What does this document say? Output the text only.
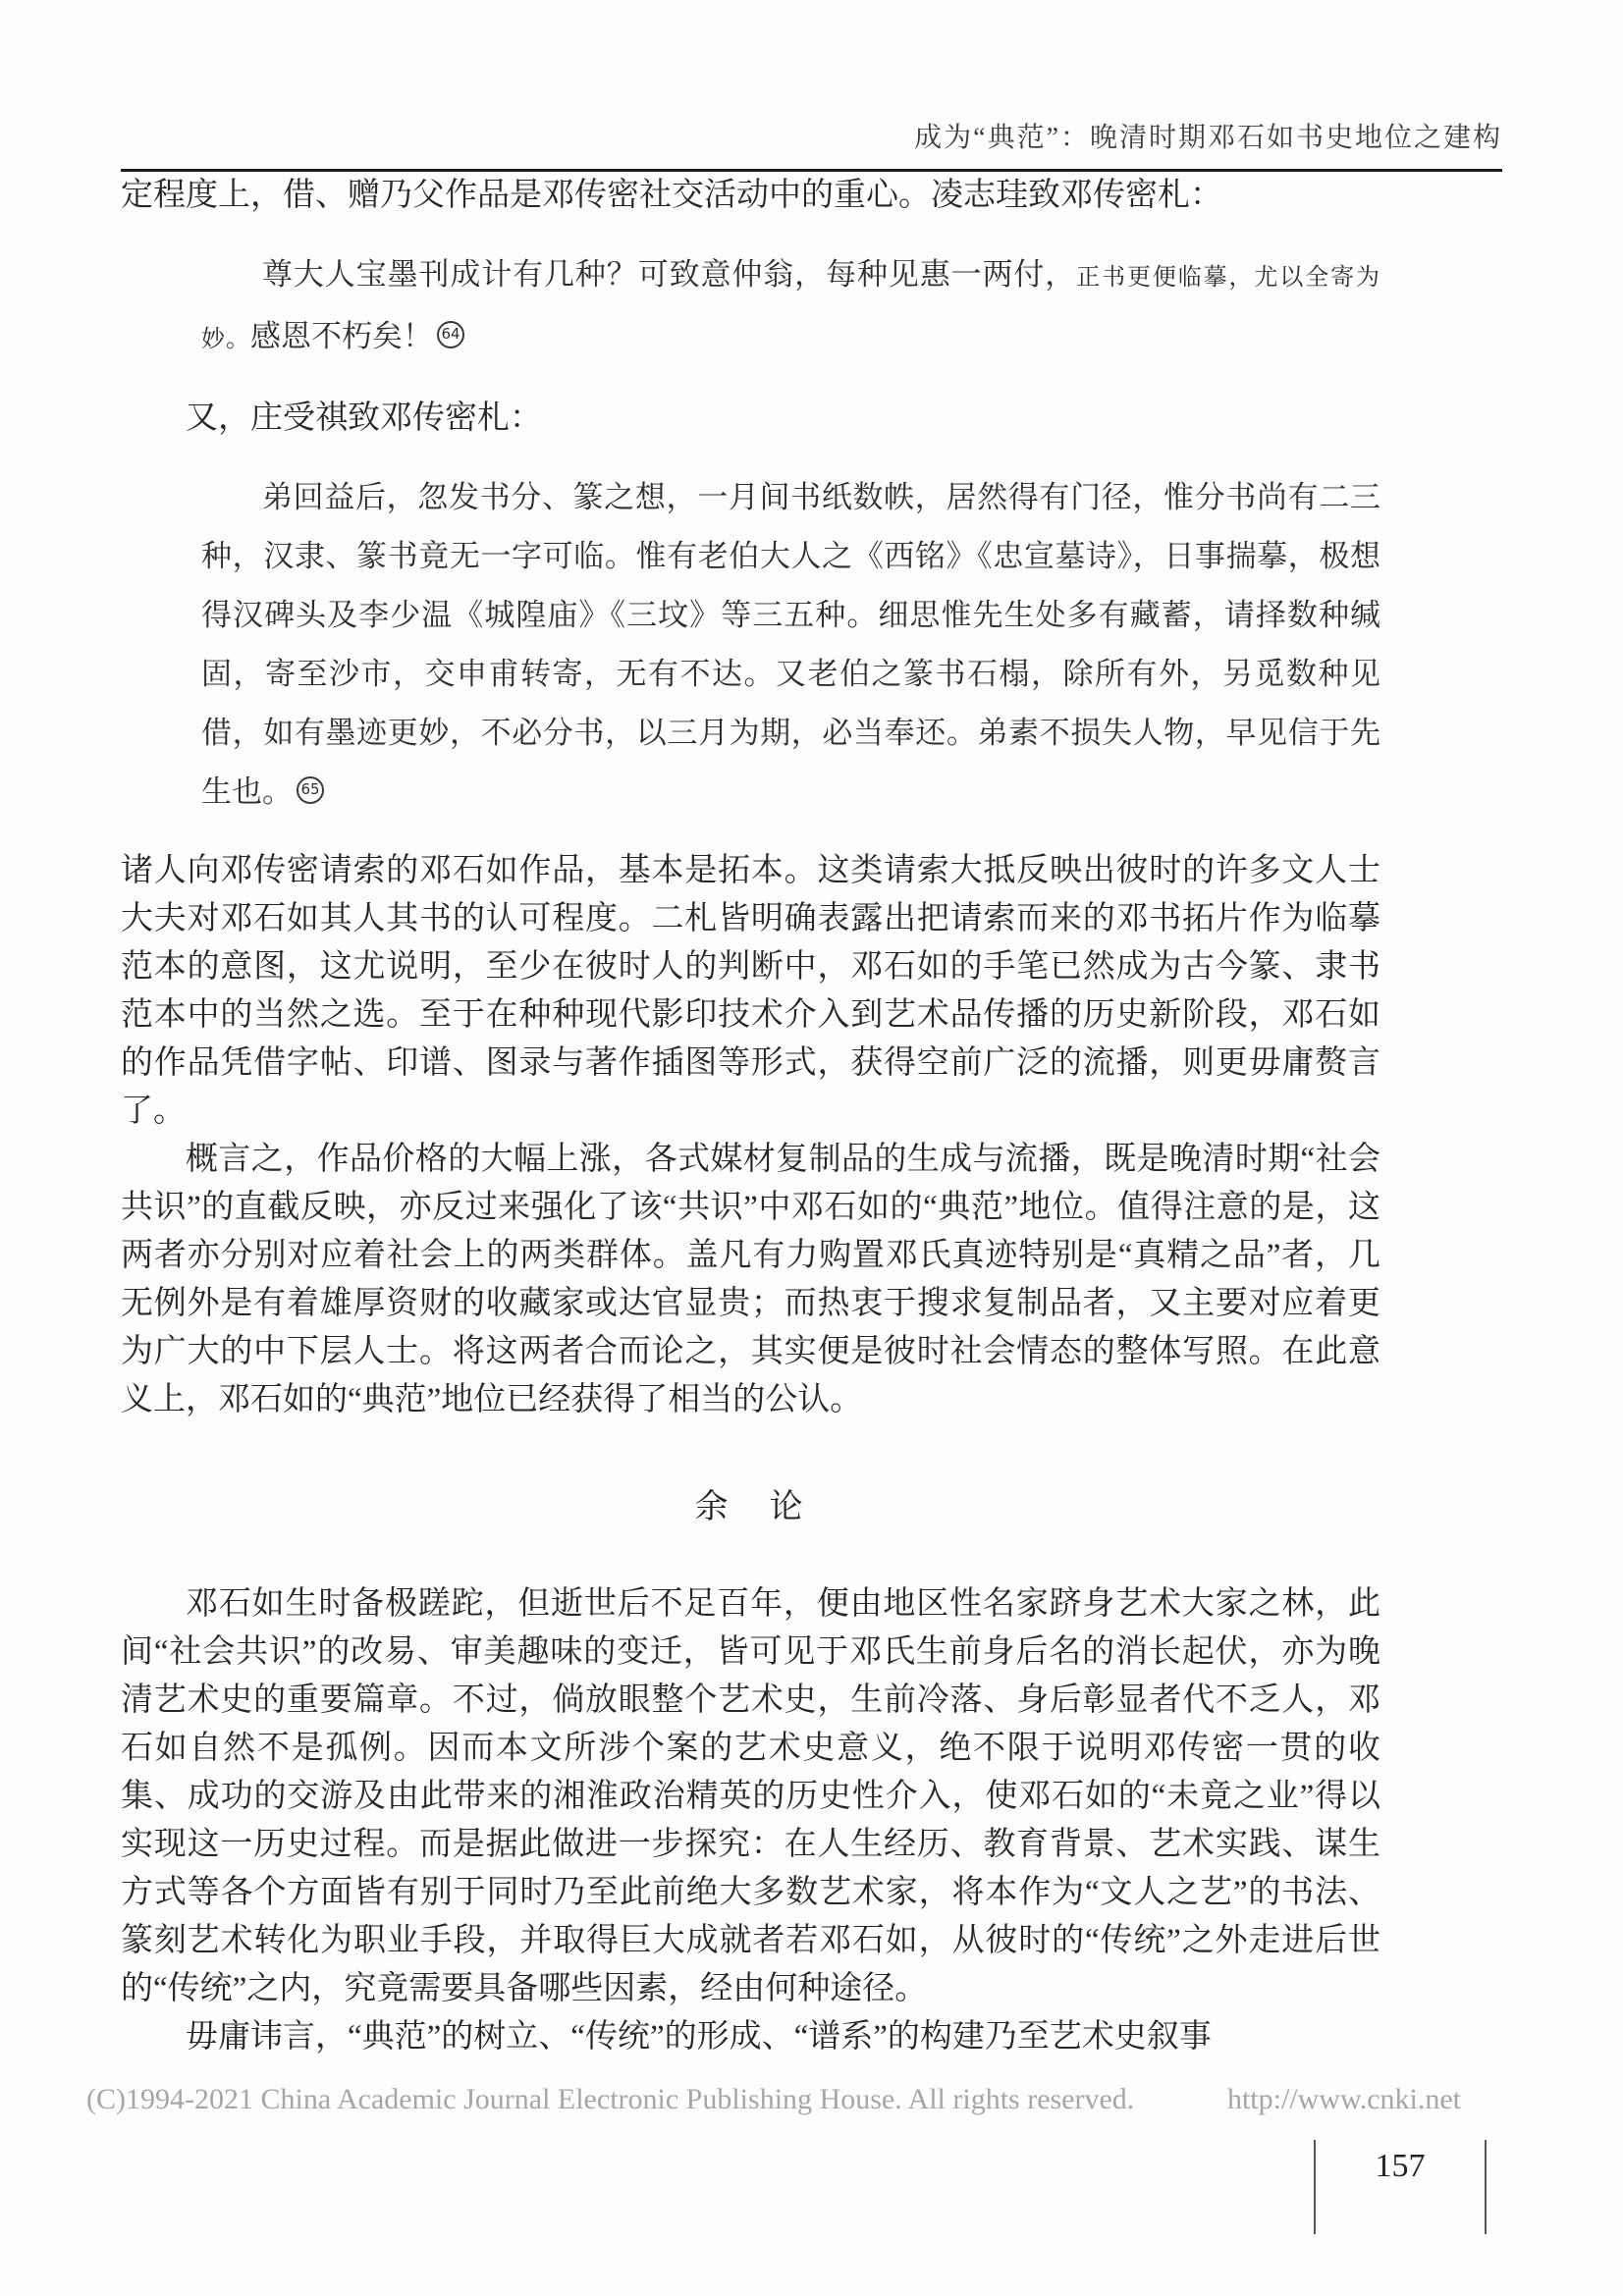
成为“典范”：晚清时期邓石如书史地位之建构

定程度上，借、赠乃父作品是邓传密社交活动中的重心。凌志珪致邓传密札：

尊大人宝墨刊成计有几种？可致意仲翁，每种见惠一两付，正书更便临摹，尤以全寄为妙。感恩不朽矣！ 64

又，庄受祺致邓传密札：

弟回益后，忽发书分、篆之想，一月间书纸数帙，居然得有门径，惟分书尚有二三种，汉隶、篆书竟无一字可临。惟有老伯大人之《西铭》《忠宣墓诗》，日事揣摹，极想得汉碑头及李少温《城隍庙》《三坟》等三五种。细思惟先生处多有藏蓄，请择数种缄固，寄至沙市，交申甫转寄，无有不达。又老伯之篆书石榻，除所有外，另觅数种见借，如有墨迹更妙，不必分书，以三月为期，必当奉还。弟素不损失人物，早见信于先生也。 65

诸人向邓传密请索的邓石如作品，基本是拓本。这类请索大抵反映出彼时的许多文人士大夫对邓石如其人其书的认可程度。二札皆明确表露出把请索而来的邓书拓片作为临摹范本的意图，这尤说明，至少在彼时人的判断中，邓石如的手笔已然成为古今篆、隶书范本中的当然之选。至于在种种现代影印技术介入到艺术品传播的历史新阶段，邓石如的作品凭借字帖、印谱、图录与著作插图等形式，获得空前广泛的流播，则更毋庸赘言了。

概言之，作品价格的大幅上涨，各式媒材复制品的生成与流播，既是晚清时期“社会共识”的直截反映，亦反过来强化了该“共识”中邓石如的“典范”地位。值得注意的是，这两者亦分别对应着社会上的两类群体。盖凡有力购置邓氏真迹特别是“真精之品”者，几无例外是有着雄厚资财的收藏家或达官显贵；而热衷于搜求复制品者，又主要对应着更为广大的中下层人士。将这两者合而论之，其实便是彼时社会情态的整体写照。在此意义上，邓石如的“典范”地位已经获得了相当的公认。

余　论

邓石如生时备极蹉跎，但逝世后不足百年，便由地区性名家跻身艺术大家之林，此间“社会共识”的改易、审美趣味的变迁，皆可见于邓氏生前身后名的消长起伏，亦为晚清艺术史的重要篇章。不过，倘放眼整个艺术史，生前冷落、身后彰显者代不乏人，邓石如自然不是孤例。因而本文所涉个案的艺术史意义，绝不限于说明邓传密一贯的收集、成功的交游及由此带来的湘淮政治精英的历史性介入，使邓石如的“未竟之业”得以实现这一历史过程。而是据此做进一步探究：在人生经历、教育背景、艺术实践、谋生方式等各个方面皆有别于同时乃至此前绝大多数艺术家，将本作为“文人之艺”的书法、篆刻艺术转化为职业手段，并取得巨大成就者若邓石如，从彼时的“传统”之外走进后世的“传统”之内，究竟需要具备哪些因素，经由何种途径。

毋庸讳言，“典范”的树立、“传统”的形成、“谱系”的构建乃至艺术史叙事

(C)1994-2021 China Academic Journal Electronic Publishing House. All rights reserved.	http://www.cnki.net
157
